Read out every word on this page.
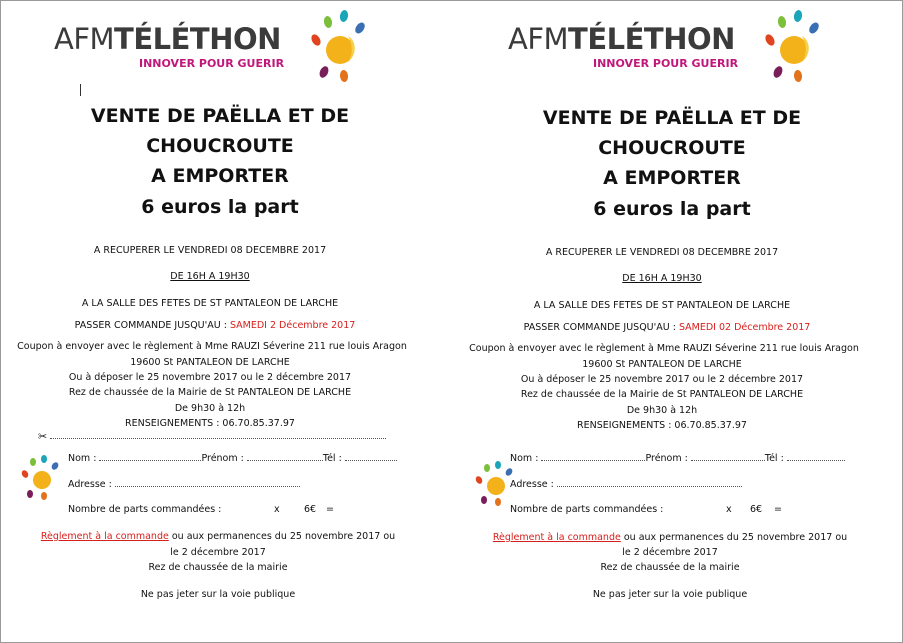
AFMTÉLÉTHON
INNOVER POUR GUERIR
VENTE DE PAËLLA ET DE
CHOUCROUTE
A EMPORTER
6 euros la part
A RECUPERER LE VENDREDI 08 DECEMBRE 2017
DE 16H A 19H30
A LA SALLE DES FETES DE ST PANTALEON DE LARCHE
PASSER COMMANDE JUSQU'AU : SAMEDI 2 Décembre 2017
Coupon à envoyer avec le règlement à Mme RAUZI Séverine 211 rue louis Aragon
19600 St PANTALEON DE LARCHE
Ou à déposer le 25 novembre 2017 ou le 2 décembre 2017
Rez de chaussée de la Mairie de St PANTALEON DE LARCHE
De 9h30 à 12h
RENSEIGNEMENTS : 06.70.85.37.97
✂
Nom :	Prénom :	Tél :
Adresse :
Nombre de parts commandées :	x	6€ =
Règlement à la commande ou aux permanences du 25 novembre 2017 ou
le 2 décembre 2017
Rez de chaussée de la mairie
Ne pas jeter sur la voie publique
AFMTÉLÉTHON
INNOVER POUR GUERIR
VENTE DE PAËLLA ET DE
CHOUCROUTE
A EMPORTER
6 euros la part
A RECUPERER LE VENDREDI 08 DECEMBRE 2017
DE 16H A 19H30
A LA SALLE DES FETES DE ST PANTALEON DE LARCHE
PASSER COMMANDE JUSQU'AU : SAMEDI 02 Décembre 2017
Coupon à envoyer avec le règlement à Mme RAUZI Séverine 211 rue louis Aragon
19600 St PANTALEON DE LARCHE
Ou à déposer le 25 novembre 2017 ou le 2 décembre 2017
Rez de chaussée de la Mairie de St PANTALEON DE LARCHE
De 9h30 à 12h
RENSEIGNEMENTS : 06.70.85.37.97
Nom :	Prénom :	Tél :
Adresse :
Nombre de parts commandées :	x 6€ =
Règlement à la commande ou aux permanences du 25 novembre 2017 ou
le 2 décembre 2017
Rez de chaussée de la mairie
Ne pas jeter sur la voie publique
